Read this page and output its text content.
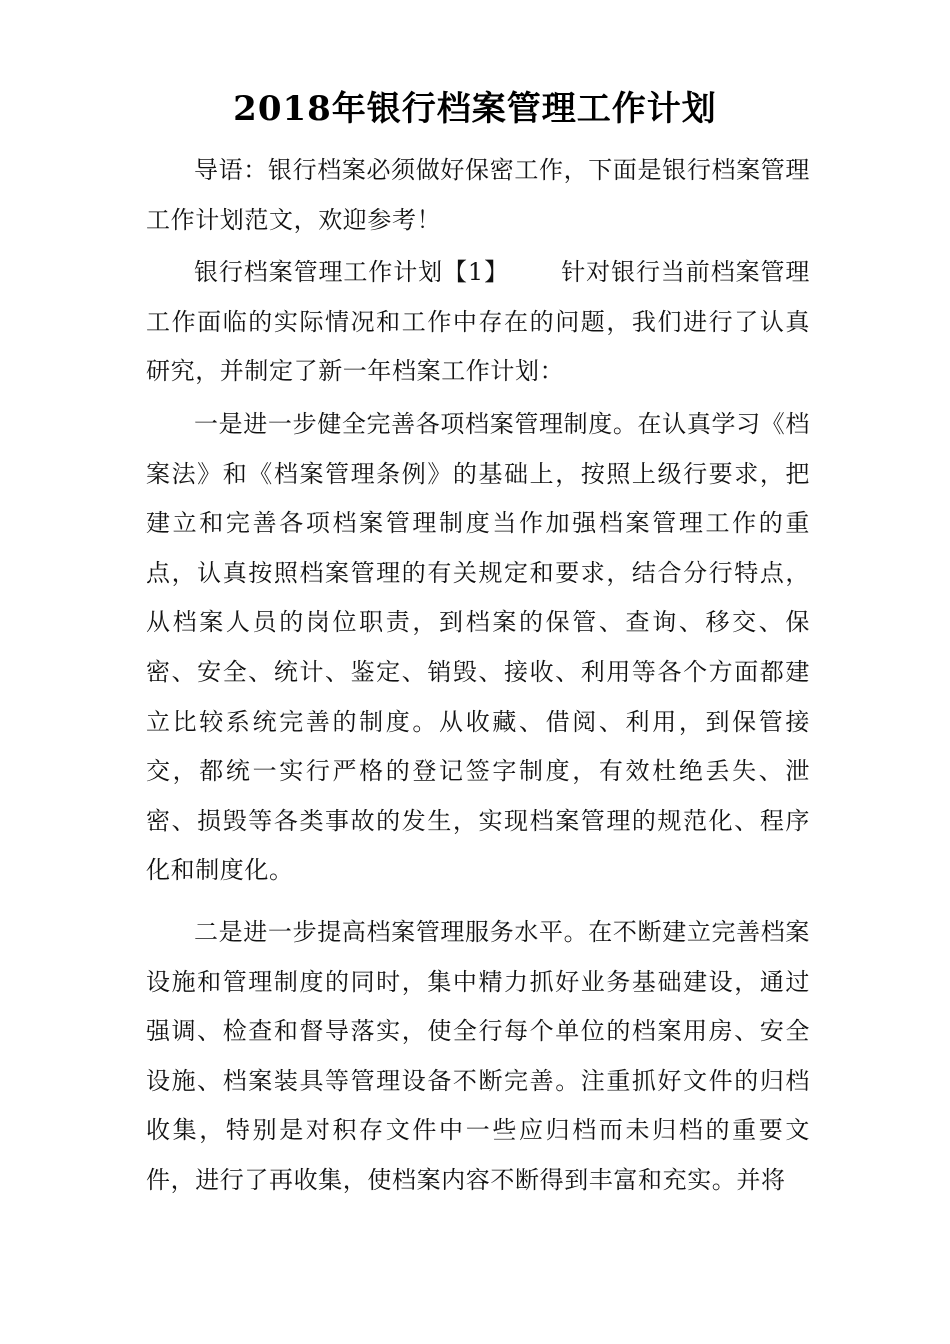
2018年银行档案管理工作计划

导语：银行档案必须做好保密工作，下面是银行档案管理工作计划范文，欢迎参考！

银行档案管理工作计划【1】 针对银行当前档案管理工作面临的实际情况和工作中存在的问题，我们进行了认真研究，并制定了新一年档案工作计划：

一是进一步健全完善各项档案管理制度。在认真学习《档案法》和《档案管理条例》的基础上，按照上级行要求，把建立和完善各项档案管理制度当作加强档案管理工作的重点，认真按照档案管理的有关规定和要求，结合分行特点，从档案人员的岗位职责，到档案的保管、查询、移交、保密、安全、统计、鉴定、销毁、接收、利用等各个方面都建立比较系统完善的制度。从收藏、借阅、利用，到保管接交，都统一实行严格的登记签字制度，有效杜绝丢失、泄密、损毁等各类事故的发生，实现档案管理的规范化、程序化和制度化。

二是进一步提高档案管理服务水平。在不断建立完善档案设施和管理制度的同时，集中精力抓好业务基础建设，通过强调、检查和督导落实，使全行每个单位的档案用房、安全设施、档案装具等管理设备不断完善。注重抓好文件的归档收集，特别是对积存文件中一些应归档而未归档的重要文件，进行了再收集，使档案内容不断得到丰富和充实。并将
